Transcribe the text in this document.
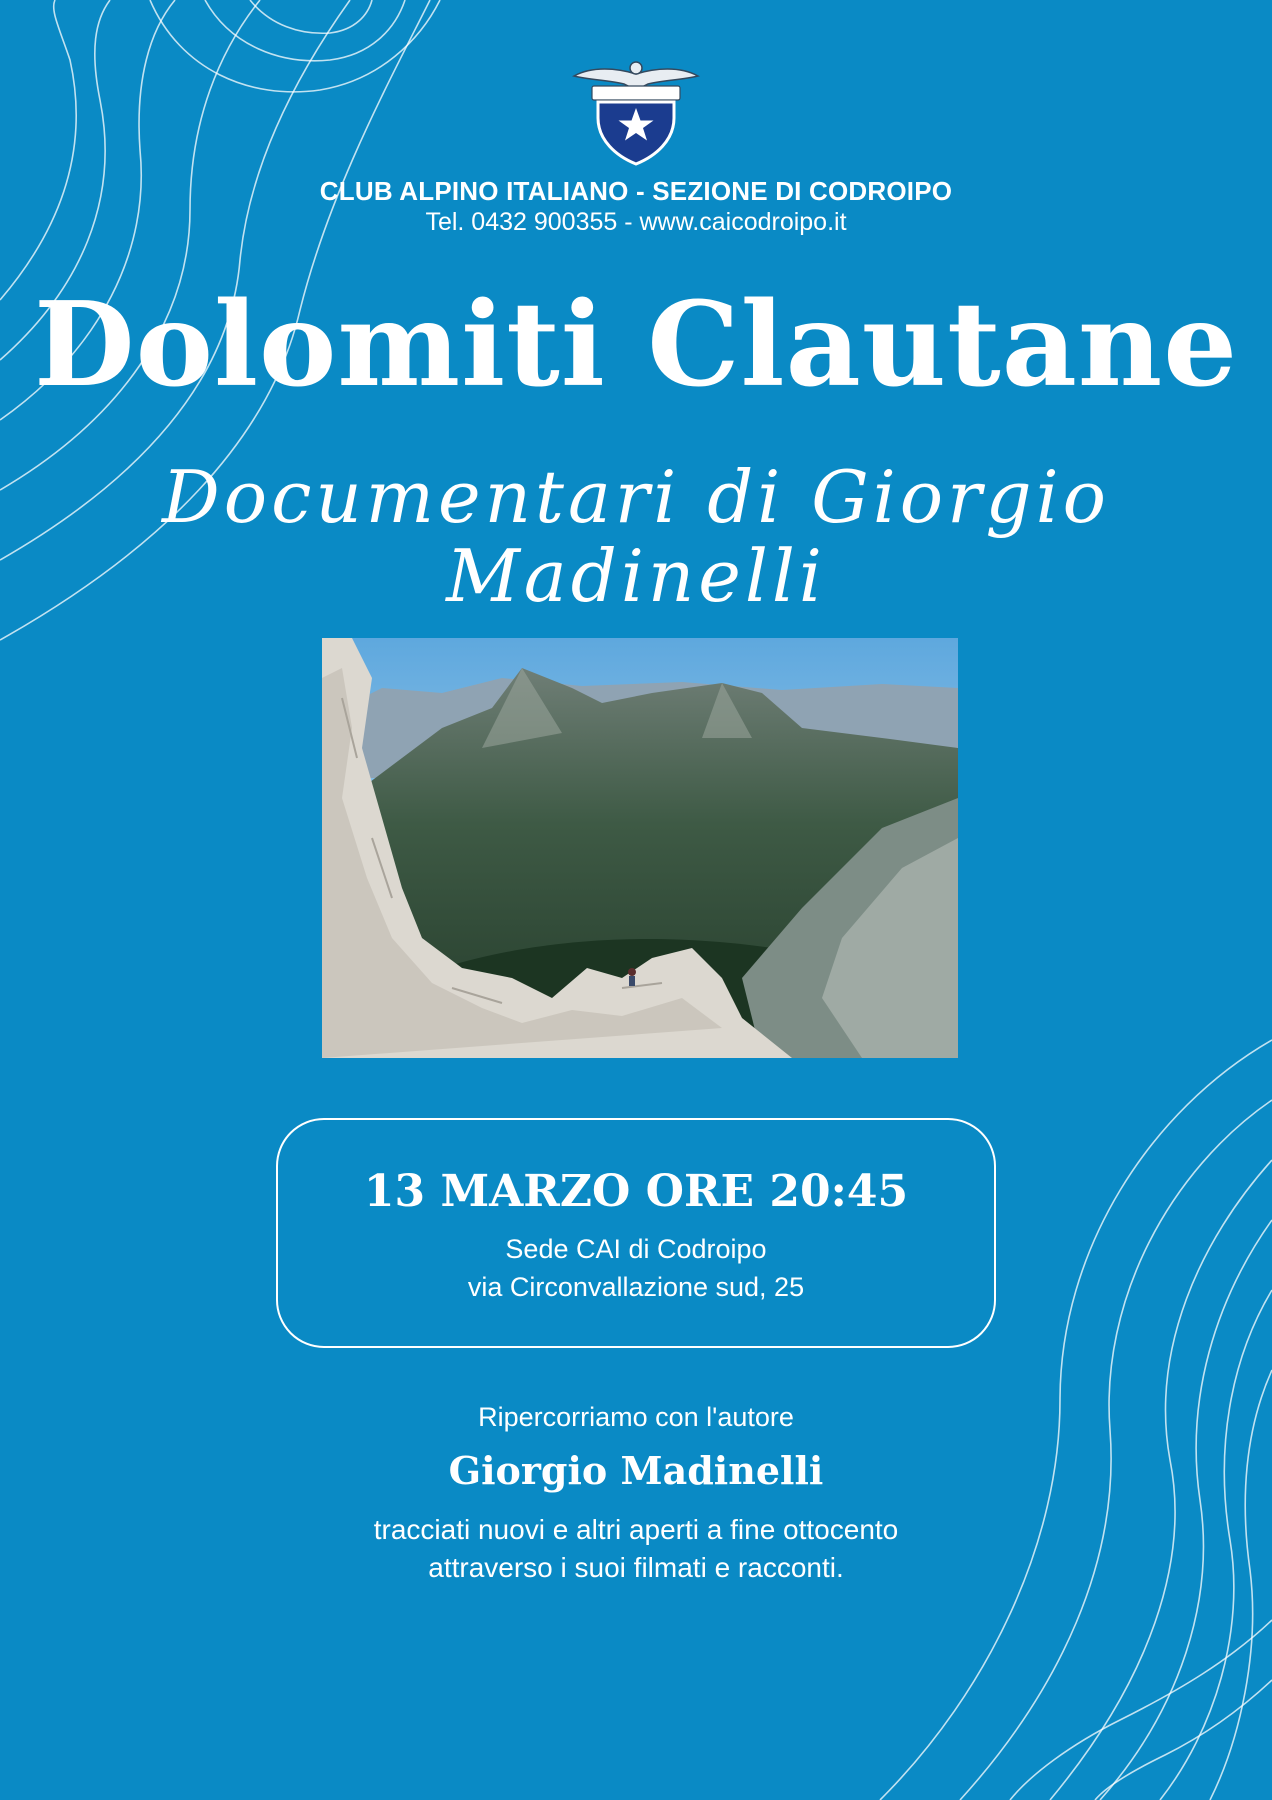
CLUB ALPINO ITALIANO - SEZIONE DI CODROIPO
Tel. 0432 900355 - www.caicodroipo.it
Dolomiti Clautane
Documentari di Giorgio Madinelli
13 MARZO ORE 20:45
Sede CAI di Codroipo
via Circonvallazione sud, 25
Ripercorriamo con l'autore
Giorgio Madinelli
tracciati nuovi e altri aperti a fine ottocento
attraverso i suoi filmati e racconti.
